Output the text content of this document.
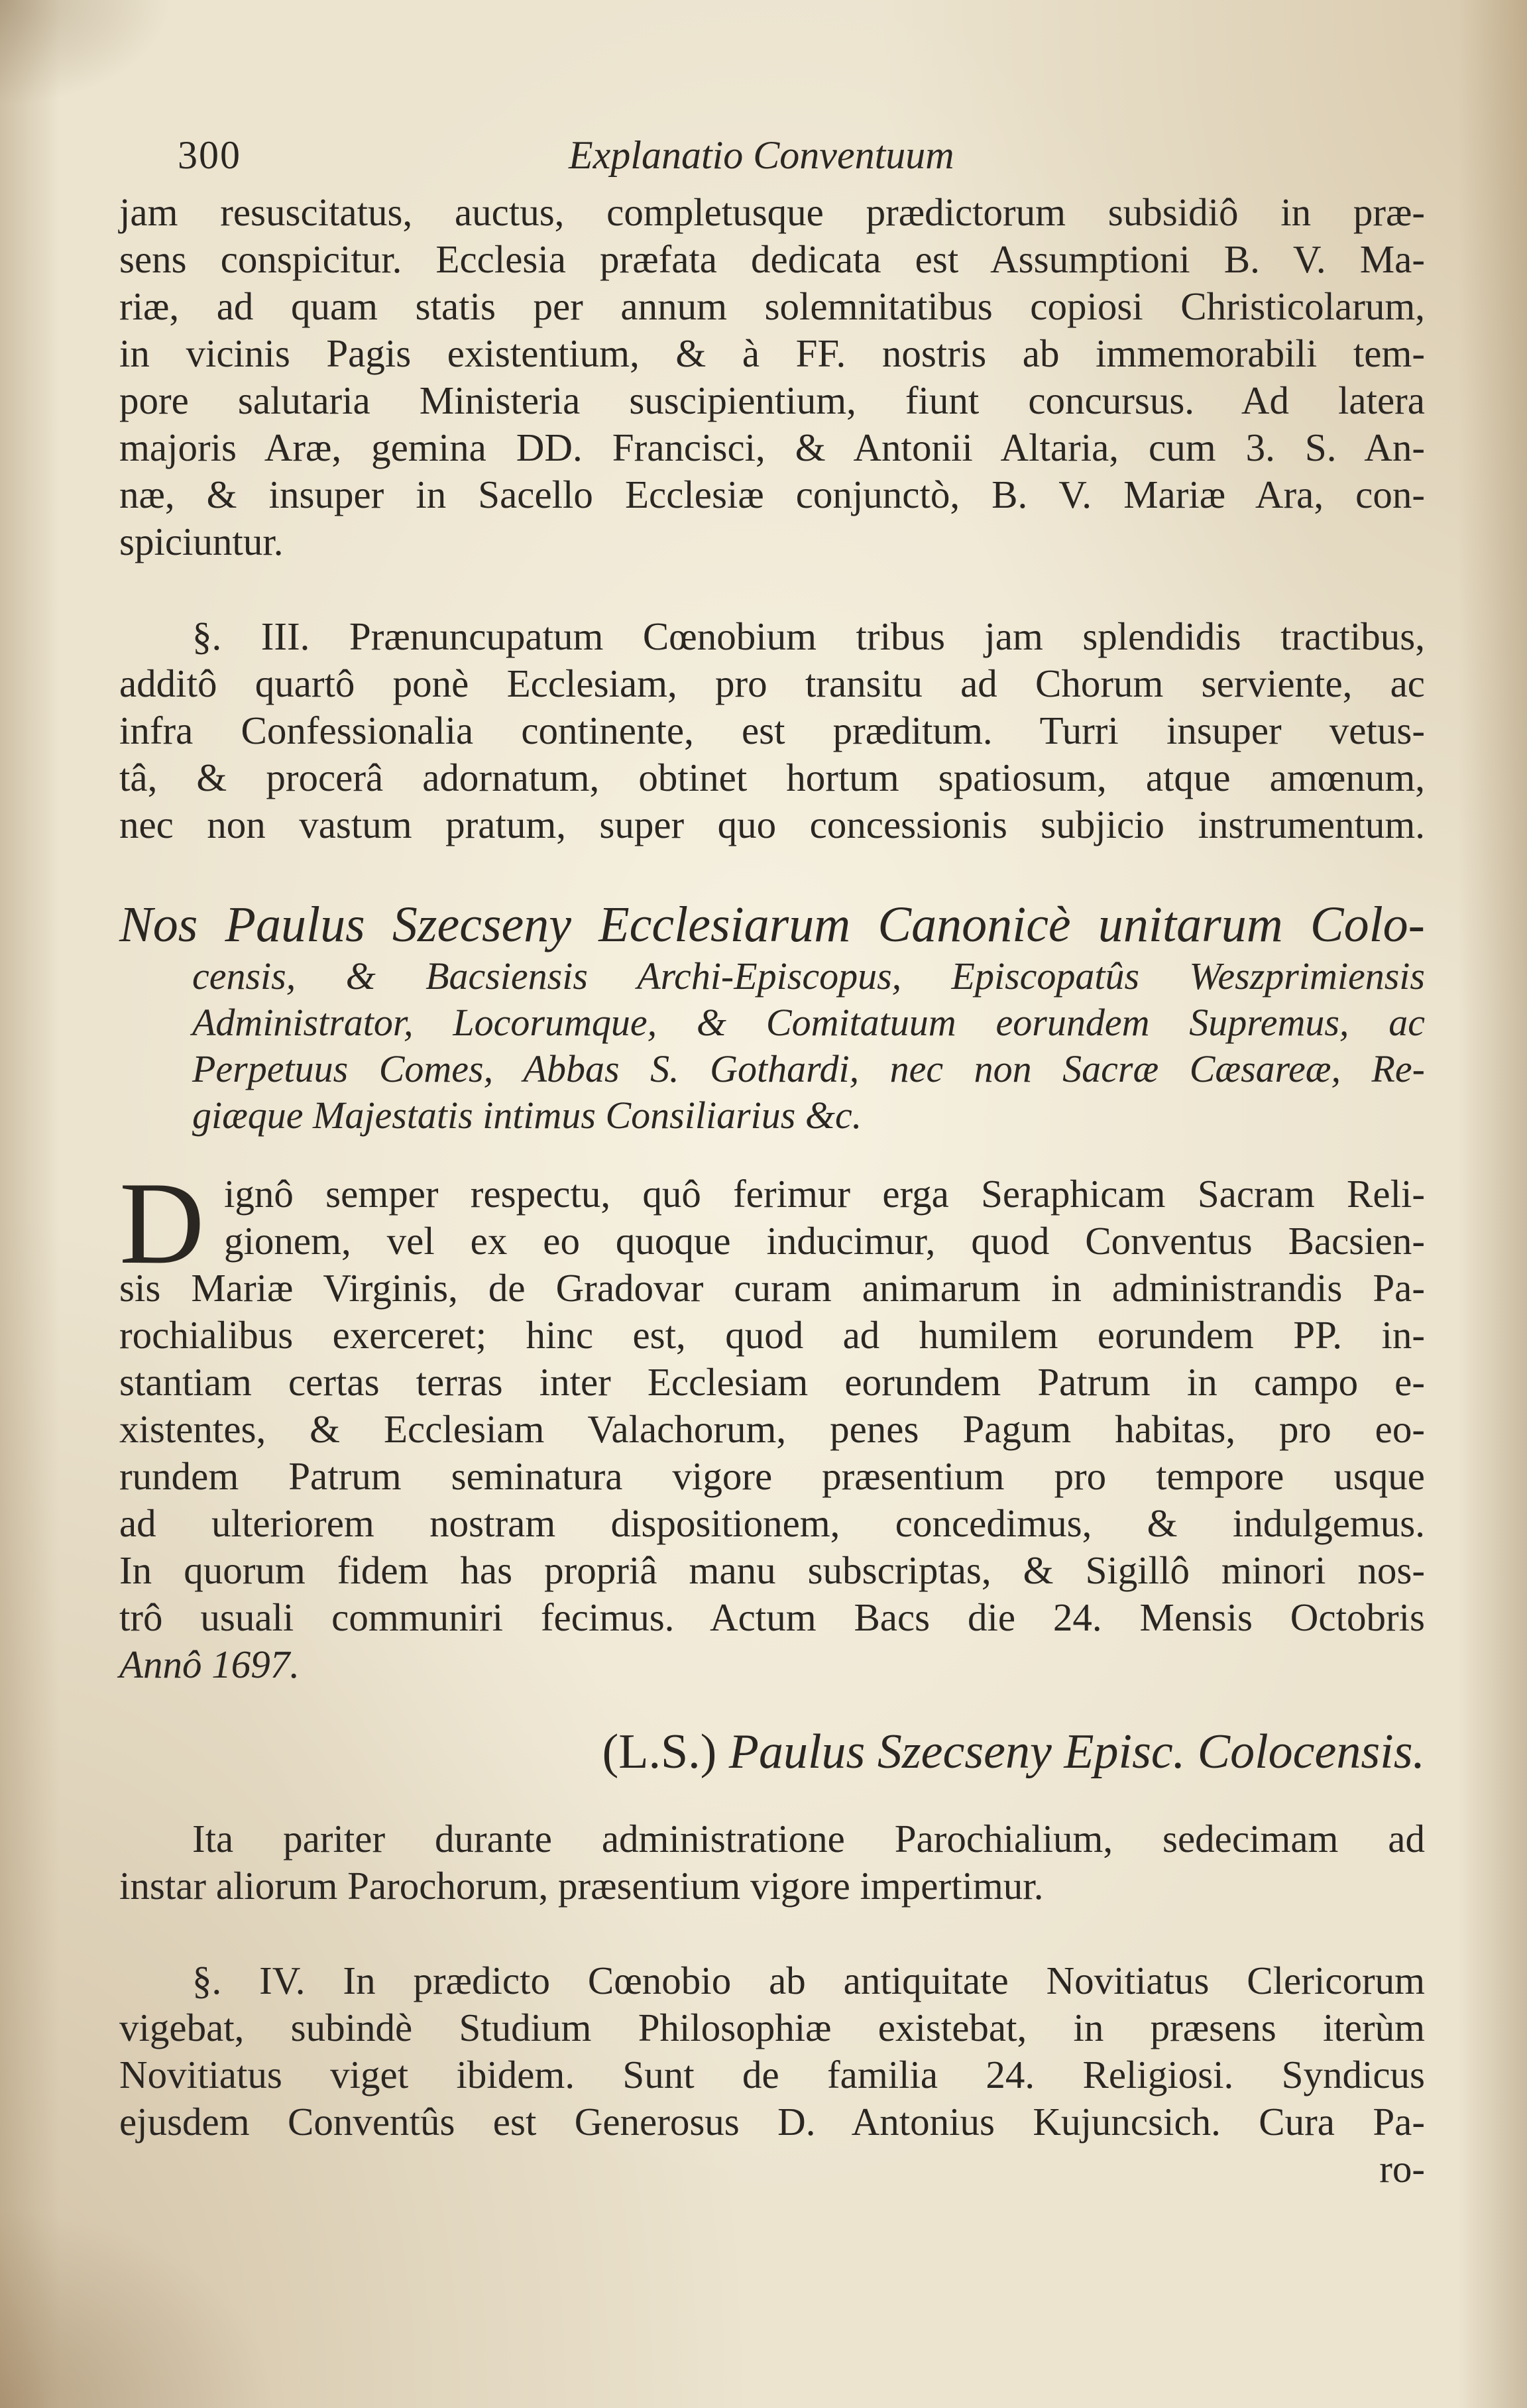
300	Explanatio Conventuum
jam resuscitatus, auctus, completusque prædictorum subsidiô in præ-
sens conspicitur. Ecclesia præfata dedicata est Assumptioni B. V. Ma-
riæ, ad quam statis per annum solemnitatibus copiosi Christicolarum,
in vicinis Pagis existentium, & à FF. nostris ab immemorabili tem-
pore salutaria Ministeria suscipientium, fiunt concursus. Ad latera
majoris Aræ, gemina DD. Francisci, & Antonii Altaria, cum 3. S. An-
næ, & insuper in Sacello Ecclesiæ conjunctò, B. V. Mariæ Ara, con-
spiciuntur.
§. III. Prænuncupatum Cœnobium tribus jam splendidis tractibus,
additô quartô ponè Ecclesiam, pro transitu ad Chorum serviente, ac
infra Confessionalia continente, est præditum. Turri insuper vetus-
tâ, & procerâ adornatum, obtinet hortum spatiosum, atque amœnum,
nec non vastum pratum, super quo concessionis subjicio instrumentum.
Nos Paulus Szecseny Ecclesiarum Canonicè unitarum Colo-
censis, & Bacsiensis Archi-Episcopus, Episcopatûs Weszprimiensis
Administrator, Locorumque, & Comitatuum eorundem Supremus, ac
Perpetuus Comes, Abbas S. Gothardi, nec non Sacræ Cæsareæ, Re-
giæque Majestatis intimus Consiliarius &c.
D ignô semper respectu, quô ferimur erga Seraphicam Sacram Reli-
gionem, vel ex eo quoque inducimur, quod Conventus Bacsien-
sis Mariæ Virginis, de Gradovar curam animarum in administrandis Pa-
rochialibus exerceret; hinc est, quod ad humilem eorundem PP. in-
stantiam certas terras inter Ecclesiam eorundem Patrum in campo e-
xistentes, & Ecclesiam Valachorum, penes Pagum habitas, pro eo-
rundem Patrum seminatura vigore præsentium pro tempore usque
ad ulteriorem nostram dispositionem, concedimus, & indulgemus.
In quorum fidem has propriâ manu subscriptas, & Sigillô minori nos-
trô usuali communiri fecimus. Actum Bacs die 24. Mensis Octobris
Annô 1697.
(L.S.) Paulus Szecseny Episc. Colocensis.
Ita pariter durante administratione Parochialium, sedecimam ad
instar aliorum Parochorum, præsentium vigore impertimur.
§. IV. In prædicto Cœnobio ab antiquitate Novitiatus Clericorum
vigebat, subindè Studium Philosophiæ existebat, in præsens iterùm
Novitiatus viget ibidem. Sunt de familia 24. Religiosi. Syndicus
ejusdem Conventûs est Generosus D. Antonius Kujuncsich. Cura Pa-
ro-
